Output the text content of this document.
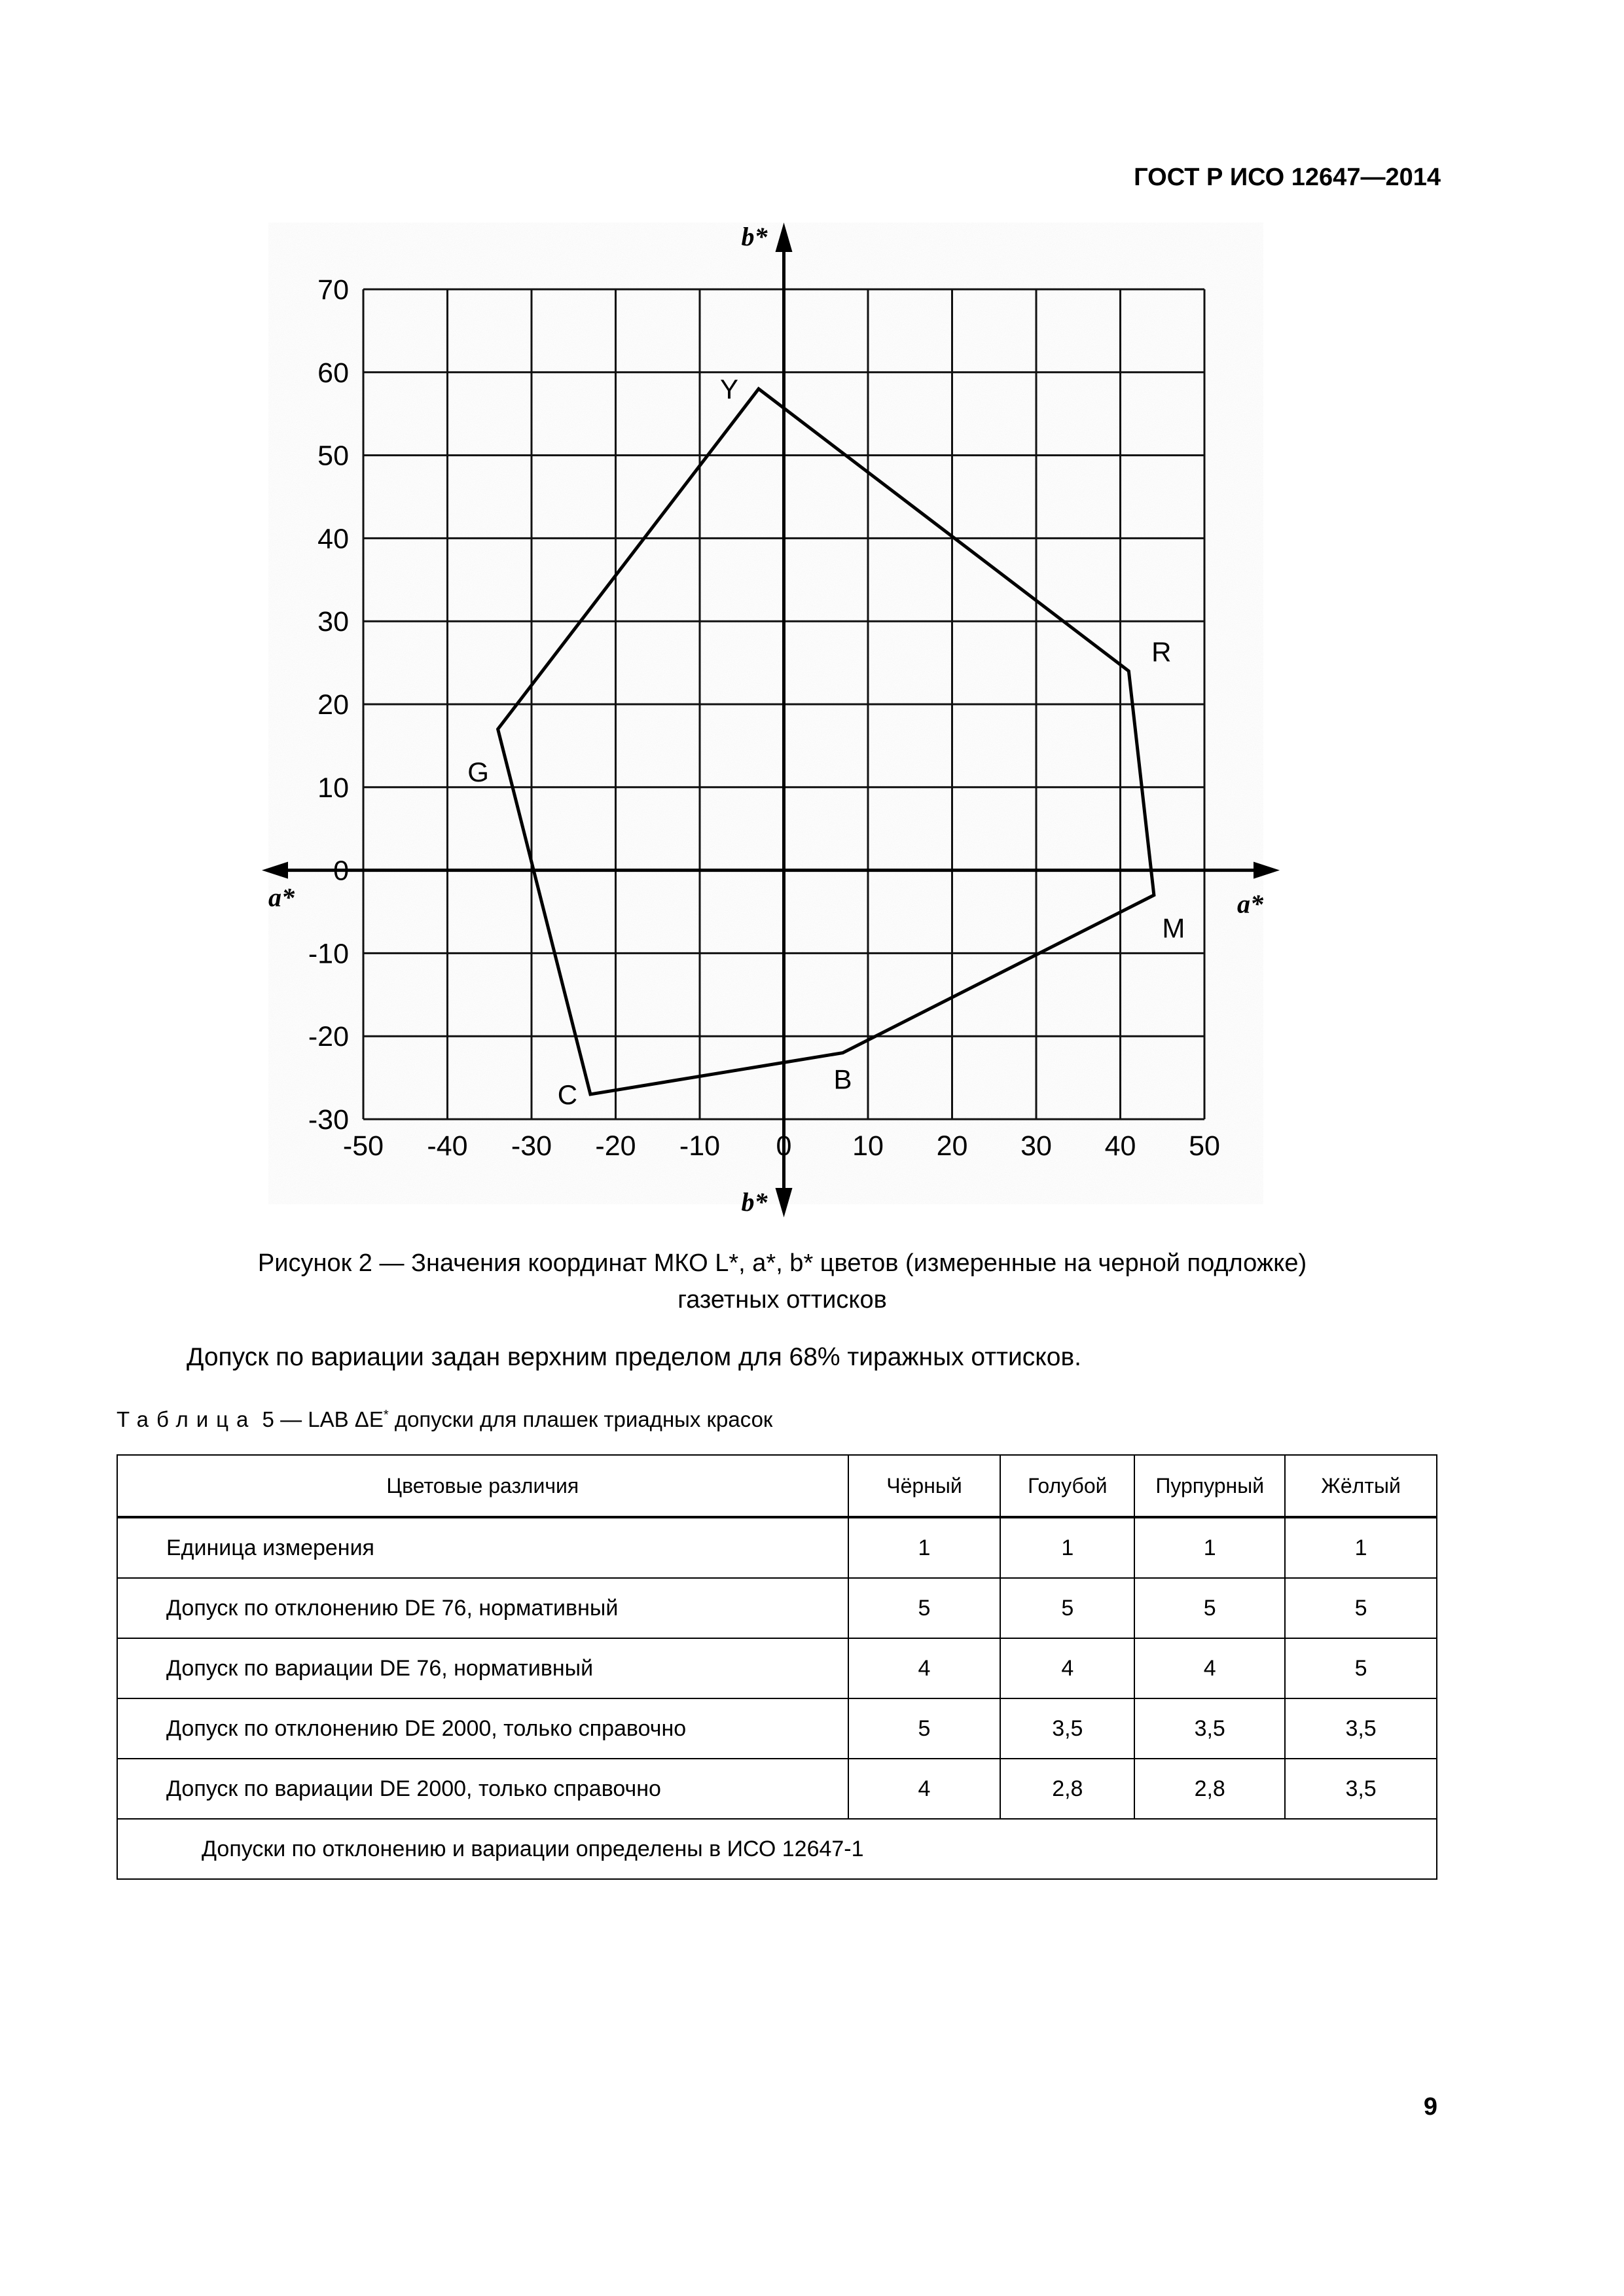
ГОСТ Р ИСО 12647—2014
-50 -40 -30 -20 -10 0 10 20 30 40 50
70
60
50
40
30
20
10
0
-10
-20
-30
Y
R
M
B
C
G
b*
b*
a*	a*
Рисунок 2 — Значения координат МКО L*, a*, b* цветов (измеренные на черной подложке)
газетных оттисков
Допуск по вариации задан верхним пределом для 68% тиражных оттисков.
Таблица 5 — LAB ΔE* допуски для плашек триадных красок
Цветовые различия	Чёрный	Голубой	Пурпурный	Жёлтый
Единица измерения	1	1	1	1
Допуск по отклонению DE 76, нормативный	5	5	5	5
Допуск по вариации DE 76, нормативный	4	4	4	5
Допуск по отклонению DE 2000, только справочно	5	3,5	3,5	3,5
Допуск по вариации DE 2000, только справочно	4	2,8	2,8	3,5
Допуски по отклонению и вариации определены в ИСО 12647-1				
9
